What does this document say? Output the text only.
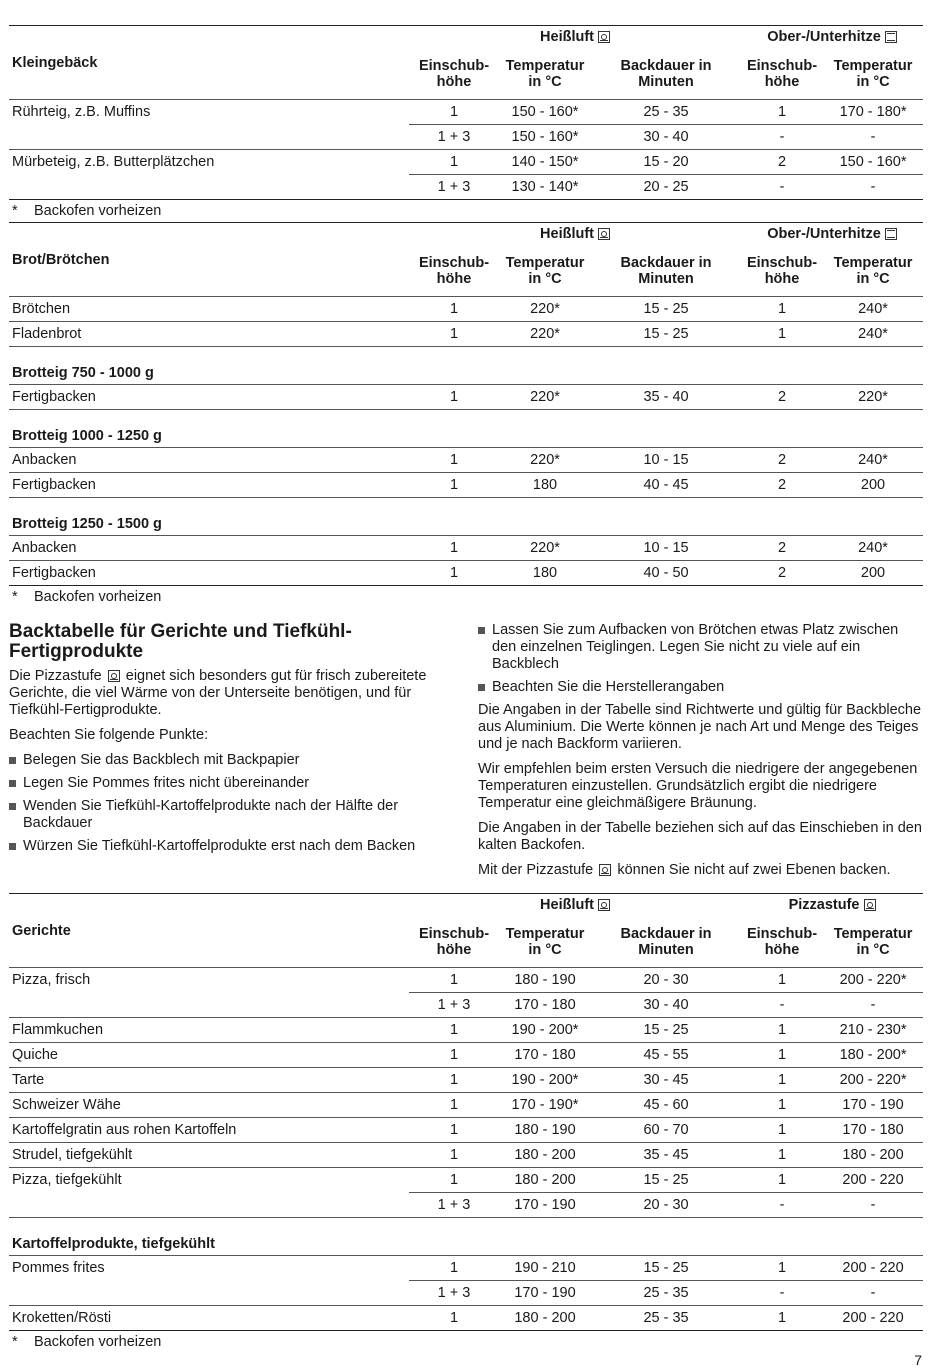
	Heißluft			Ober-/Unterhitze	

Kleingebäck	Einschub-höhe	Temperatur in °C	Backdauer in Minuten	Einschub-höhe	Temperatur in °C
Rührteig, z.B. Muffins	1	150 - 160*	25 - 35	1	170 - 180*
	1 + 3	150 - 160*	30 - 40	-	-
Mürbeteig, z.B. Butterplätzchen	1	140 - 150*	15 - 20	2	150 - 160*
	1 + 3	130 - 140*	20 - 25	-	-
* Backofen vorheizen					

	Heißluft			Ober-/Unterhitze	

Brot/Brötchen	Einschub-höhe	Temperatur in °C	Backdauer in Minuten	Einschub-höhe	Temperatur in °C
Brötchen	1	220*	15 - 25	1	240*
Fladenbrot	1	220*	15 - 25	1	240*
Brotteig 750 - 1000 g					
Fertigbacken	1	220*	35 - 40	2	220*
Brotteig 1000 - 1250 g					
Anbacken	1	220*	10 - 15	2	240*
Fertigbacken	1	180	40 - 45	2	200
Brotteig 1250 - 1500 g					
Anbacken	1	220*	10 - 15	2	240*
Fertigbacken	1	180	40 - 50	2	200
* Backofen vorheizen					
Backtabelle für Gerichte und Tiefkühl-Fertigprodukte

Die Pizzastufe eignet sich besonders gut für frisch zubereitete Gerichte, die viel Wärme von der Unterseite benötigen, und für Tiefkühl-Fertigprodukte.

Beachten Sie folgende Punkte:

Belegen Sie das Backblech mit Backpapier
Legen Sie Pommes frites nicht übereinander
Wenden Sie Tiefkühl-Kartoffelprodukte nach der Hälfte der Backdauer
Würzen Sie Tiefkühl-Kartoffelprodukte erst nach dem Backen
Lassen Sie zum Aufbacken von Brötchen etwas Platz zwischen den einzelnen Teiglingen. Legen Sie nicht zu viele auf ein Backblech
Beachten Sie die Herstellerangaben

Die Angaben in der Tabelle sind Richtwerte und gültig für Backbleche aus Aluminium. Die Werte können je nach Art und Menge des Teiges und je nach Backform variieren.

Wir empfehlen beim ersten Versuch die niedrigere der angegebenen Temperaturen einzustellen. Grundsätzlich ergibt die niedrigere Temperatur eine gleichmäßigere Bräunung.

Die Angaben in der Tabelle beziehen sich auf das Einschieben in den kalten Backofen.

Mit der Pizzastufe können Sie nicht auf zwei Ebenen backen.

	Heißluft			Pizzastufe	

Gerichte	Einschub-höhe	Temperatur in °C	Backdauer in Minuten	Einschub-höhe	Temperatur in °C
Pizza, frisch	1	180 - 190	20 - 30	1	200 - 220*
	1 + 3	170 - 180	30 - 40	-	-
Flammkuchen	1	190 - 200*	15 - 25	1	210 - 230*
Quiche	1	170 - 180	45 - 55	1	180 - 200*
Tarte	1	190 - 200*	30 - 45	1	200 - 220*
Schweizer Wähe	1	170 - 190*	45 - 60	1	170 - 190
Kartoffelgratin aus rohen Kartoffeln	1	180 - 190	60 - 70	1	170 - 180
Strudel, tiefgekühlt	1	180 - 200	35 - 45	1	180 - 200
Pizza, tiefgekühlt	1	180 - 200	15 - 25	1	200 - 220
	1 + 3	170 - 190	20 - 30	-	-
Kartoffelprodukte, tiefgekühlt					
Pommes frites	1	190 - 210	15 - 25	1	200 - 220
	1 + 3	170 - 190	25 - 35	-	-
Kroketten/Rösti	1	180 - 200	25 - 35	1	200 - 220
* Backofen vorheizen					
7
